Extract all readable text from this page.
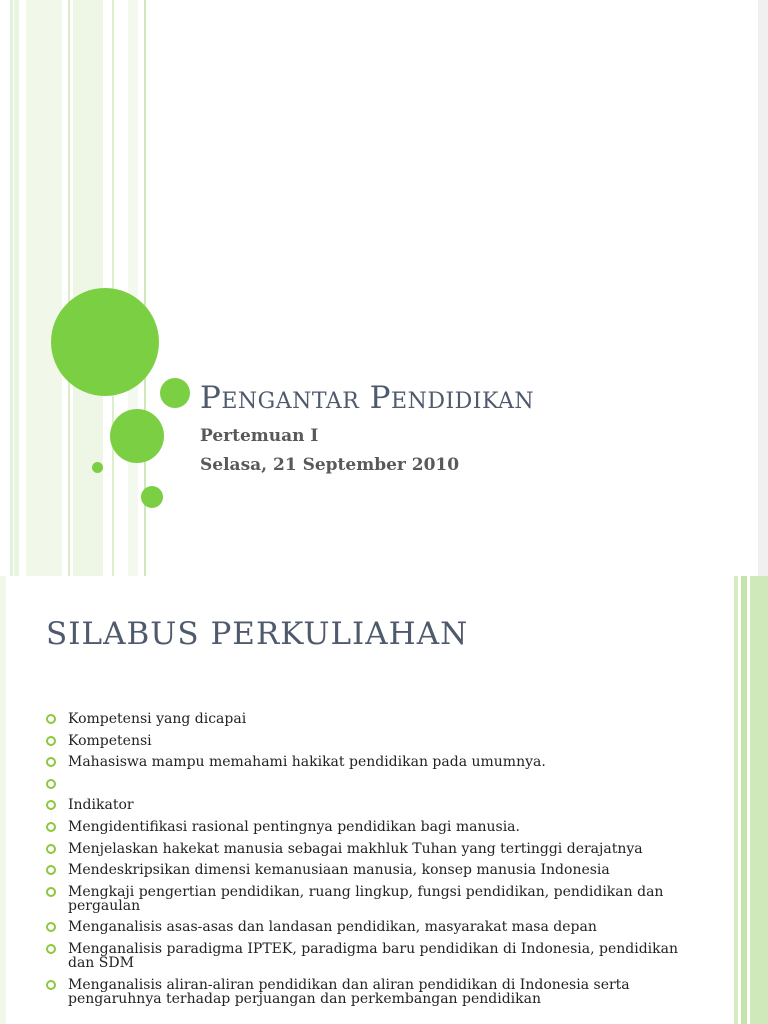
Pengantar Pendidikan
Pertemuan I
Selasa, 21 September 2010
SILABUS PERKULIAHAN
Kompetensi yang dicapai
Kompetensi
Mahasiswa mampu memahami hakikat pendidikan pada umumnya.

Indikator
Mengidentifikasi rasional pentingnya pendidikan bagi manusia.
Menjelaskan hakekat manusia sebagai makhluk Tuhan yang tertinggi derajatnya
Mendeskripsikan dimensi kemanusiaan manusia, konsep manusia Indonesia
Mengkaji pengertian pendidikan, ruang lingkup, fungsi pendidikan, pendidikan dan pergaulan
Menganalisis asas-asas dan landasan pendidikan, masyarakat masa depan
Menganalisis paradigma IPTEK, paradigma baru pendidikan di Indonesia, pendidikan dan SDM
Menganalisis aliran-aliran pendidikan dan aliran pendidikan di Indonesia serta pengaruhnya terhadap perjuangan dan perkembangan pendidikan
